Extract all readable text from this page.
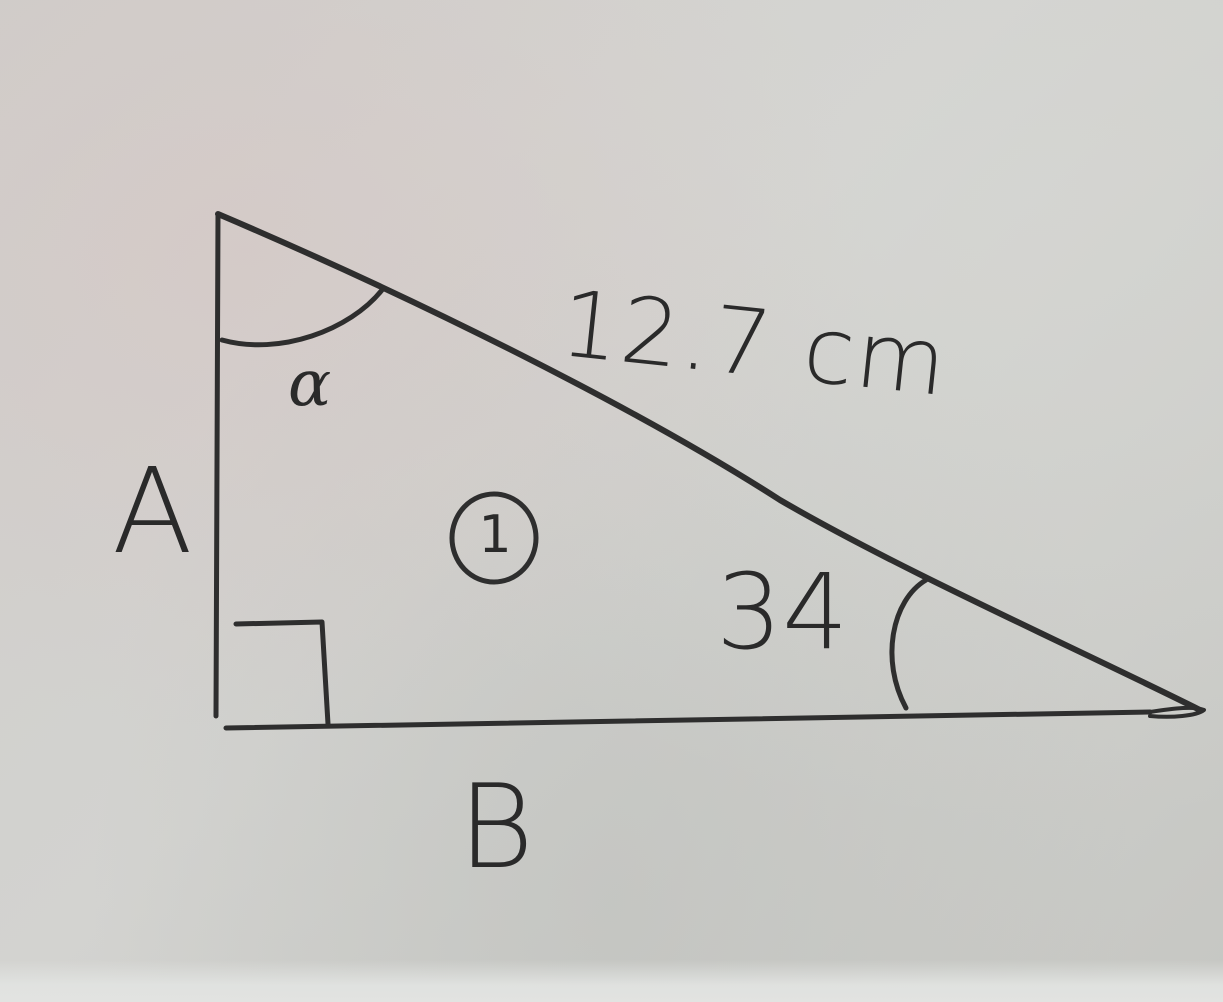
12.7 cm
α
A
B
34
1
